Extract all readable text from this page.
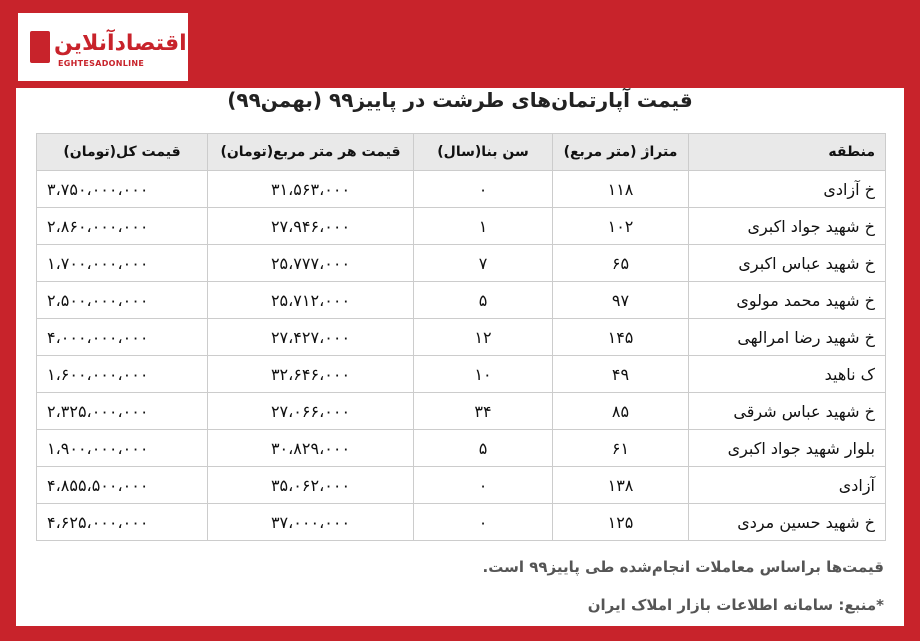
اقتصادآنلاین
EGHTESADONLINE
قیمت آپارتمان‌های طرشت در پاییز۹۹ (بهمن۹۹)
منطقه	متراژ (متر مربع)	سن بنا(سال)	قیمت هر متر مربع(تومان)	قیمت کل(تومان)
خ آزادی	۱۱۸	۰	۳۱،۵۶۳،۰۰۰	۳،۷۵۰،۰۰۰،۰۰۰
خ شهید جواد اکبری	۱۰۲	۱	۲۷،۹۴۶،۰۰۰	۲،۸۶۰،۰۰۰،۰۰۰
خ شهید عباس اکبری	۶۵	۷	۲۵،۷۷۷،۰۰۰	۱،۷۰۰،۰۰۰،۰۰۰
خ شهید محمد مولوی	۹۷	۵	۲۵،۷۱۲،۰۰۰	۲،۵۰۰،۰۰۰،۰۰۰
خ شهید رضا امرالهی	۱۴۵	۱۲	۲۷،۴۲۷،۰۰۰	۴،۰۰۰،۰۰۰،۰۰۰
ک ناهید	۴۹	۱۰	۳۲،۶۴۶،۰۰۰	۱،۶۰۰،۰۰۰،۰۰۰
خ شهید عباس شرقی	۸۵	۳۴	۲۷،۰۶۶،۰۰۰	۲،۳۲۵،۰۰۰،۰۰۰
بلوار شهید جواد اکبری	۶۱	۵	۳۰،۸۲۹،۰۰۰	۱،۹۰۰،۰۰۰،۰۰۰
آزادی	۱۳۸	۰	۳۵،۰۶۲،۰۰۰	۴،۸۵۵،۵۰۰،۰۰۰
خ شهید حسین مردی	۱۲۵	۰	۳۷،۰۰۰،۰۰۰	۴،۶۲۵،۰۰۰،۰۰۰
قیمت‌ها براساس معاملات انجام‌شده طی پاییز۹۹ است.
*منبع: سامانه اطلاعات بازار املاک ایران
